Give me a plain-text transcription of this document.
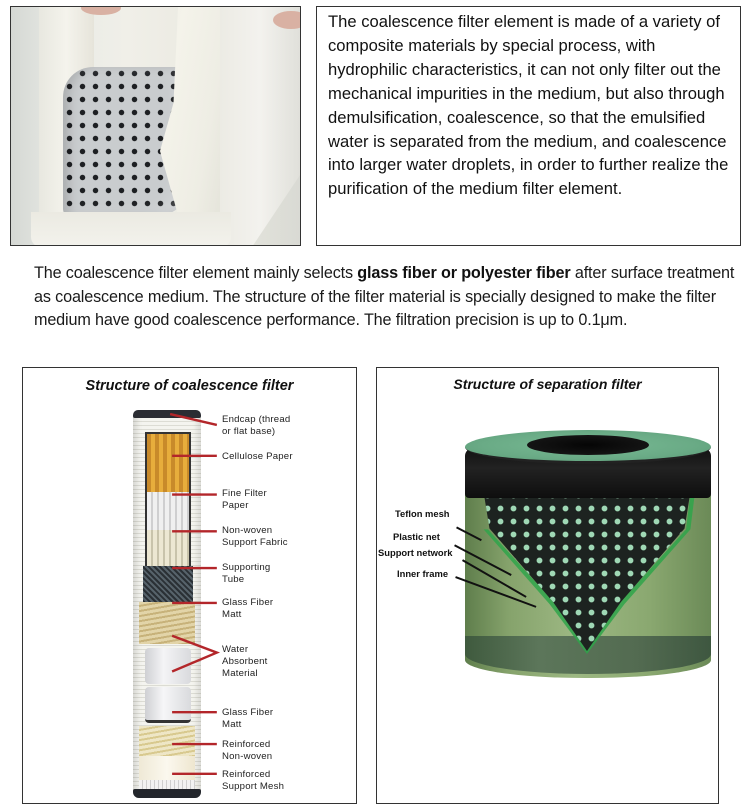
The coalescence filter element is made of a variety of composite materials by special process, with hydrophilic characteristics, it can not only filter out the mechanical impurities in the medium, but also through demulsification, coalescence, so that the emulsified water is separated from the medium, and coalescence into larger water droplets, in order to further realize the purification of the medium filter element.

The coalescence filter element mainly selects glass fiber or polyester fiber after surface treatment as coalescence medium. The structure of the filter material is specially designed to make the filter medium have good coalescence performance. The filtration precision is up to 0.1μm.

Structure of coalescence filter
Endcap (thread
or flat base)
Cellulose Paper
Fine Filter
Paper
Non-woven
Support Fabric
Supporting
Tube
Glass Fiber
Matt
Water
Absorbent
Material
Glass Fiber
Matt
Reinforced
Non-woven
Reinforced
Support Mesh
Structure of separation filter
Teflon mesh
Plastic net
Support network
Inner frame
